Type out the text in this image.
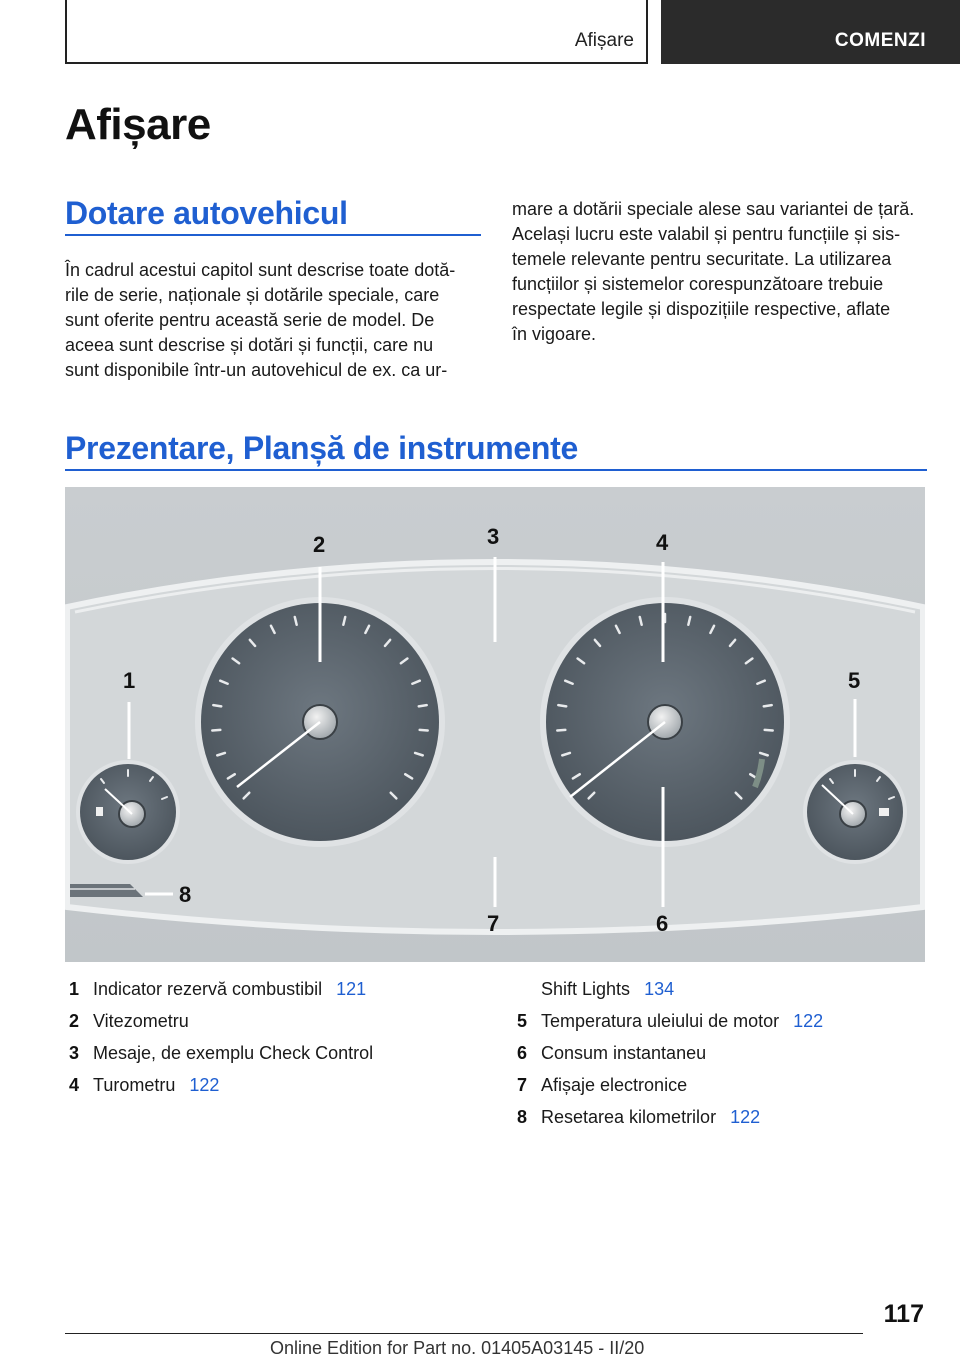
Afișare	COMENZI
Afișare
Dotare autovehicul

În cadrul acestui capitol sunt descrise toate dotă-
rile de serie, naționale și dotările speciale, care
sunt oferite pentru această serie de model. De
aceea sunt descrise și dotări și funcții, care nu
sunt disponibile într-un autovehicul de ex. ca ur-

mare a dotării speciale alese sau variantei de țară.
Același lucru este valabil și pentru funcțiile și sis-
temele relevante pentru securitate. La utilizarea
funcțiilor și sistemelor corespunzătoare trebuie
respectate legile și dispozițiile respective, aflate
în vigoare.

Prezentare, Planșă de instrumente
1
2	3	4
5
6
7
8
1 Indicator rezervă combustibil 121
2 Vitezometru
3 Mesaje, de exemplu Check Control
4 Turometru 122
Shift Lights 134
5 Temperatura uleiului de motor 122
6 Consum instantaneu
7 Afișaje electronice
8 Resetarea kilometrilor 122
117
Online Edition for Part no. 01405A03145 - II/20
